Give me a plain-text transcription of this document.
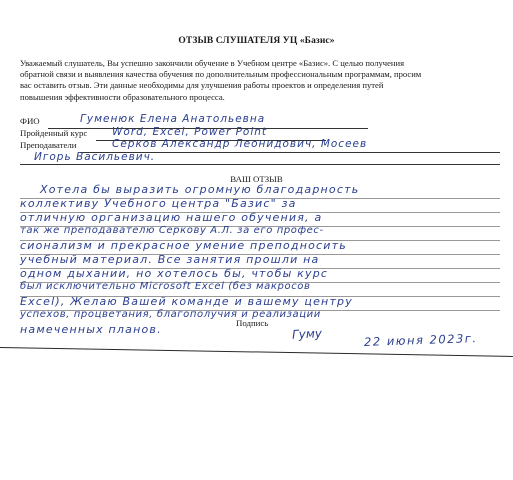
ОТЗЫВ СЛУШАТЕЛЯ УЦ «Базис»
Уважаемый слушатель, Вы успешно закончили обучение в Учебном центре «Базис». С целью получения
обратной связи и выявления качества обучения по дополнительным профессиональным программам, просим
вас оставить отзыв. Эти данные необходимы для улучшения работы проектов и определения путей
повышения эффективности образовательного процесса.
ФИО	Гуменюк Елена Анатольевна
Пройденный курс Word, Excel, Power Point
Преподаватели	Серков Александр Леонидович, Мосеев
Игорь Васильевич.
ВАШ ОТЗЫВ
Хотела бы выразить огромную благодарность
коллективу Учебного центра "Базис" за
отличную организацию нашего обучения, а
так же преподавателю Серкову А.Л. за его профес-
сионализм и прекрасное умение преподносить
учебный материал. Все занятия прошли на
одном дыхании, но хотелось бы, чтобы курс
был исключительно Microsoft Excel (без макросов
Excel), Желаю Вашей команде и вашему центру
успехов, процветания, благополучия и реализации
намеченных планов.	Подпись
Гуму	22 июня 2023г.
